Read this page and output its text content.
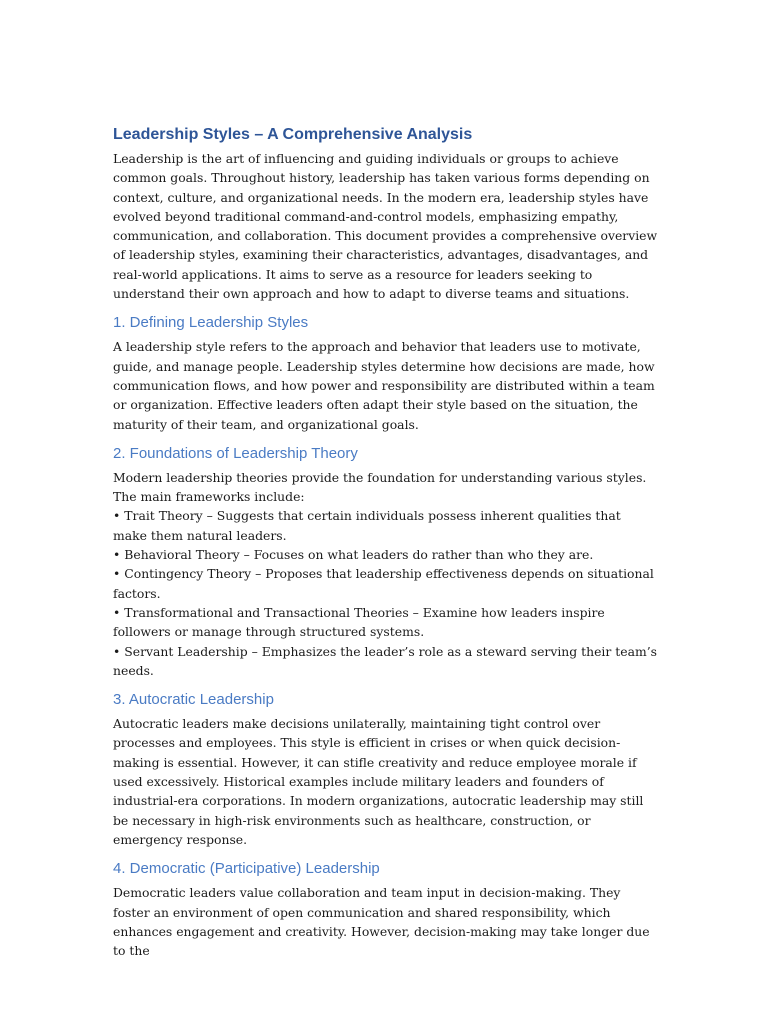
Leadership Styles – A Comprehensive Analysis

Leadership is the art of influencing and guiding individuals or groups to achieve common goals. Throughout history, leadership has taken various forms depending on context, culture, and organizational needs. In the modern era, leadership styles have evolved beyond traditional command-and-control models, emphasizing empathy, communication, and collaboration. This document provides a comprehensive overview of leadership styles, examining their characteristics, advantages, disadvantages, and real-world applications. It aims to serve as a resource for leaders seeking to understand their own approach and how to adapt to diverse teams and situations.

1. Defining Leadership Styles

A leadership style refers to the approach and behavior that leaders use to motivate, guide, and manage people. Leadership styles determine how decisions are made, how communication flows, and how power and responsibility are distributed within a team or organization. Effective leaders often adapt their style based on the situation, the maturity of their team, and organizational goals.

2. Foundations of Leadership Theory

Modern leadership theories provide the foundation for understanding various styles. The main frameworks include:

• Trait Theory – Suggests that certain individuals possess inherent qualities that make them natural leaders.
• Behavioral Theory – Focuses on what leaders do rather than who they are.
• Contingency Theory – Proposes that leadership effectiveness depends on situational factors.
• Transformational and Transactional Theories – Examine how leaders inspire followers or manage through structured systems.
• Servant Leadership – Emphasizes the leader’s role as a steward serving their team’s needs.
3. Autocratic Leadership

Autocratic leaders make decisions unilaterally, maintaining tight control over processes and employees. This style is efficient in crises or when quick decision-making is essential. However, it can stifle creativity and reduce employee morale if used excessively. Historical examples include military leaders and founders of industrial-era corporations. In modern organizations, autocratic leadership may still be necessary in high-risk environments such as healthcare, construction, or emergency response.

4. Democratic (Participative) Leadership

Democratic leaders value collaboration and team input in decision-making. They foster an environment of open communication and shared responsibility, which enhances engagement and creativity. However, decision-making may take longer due to the
